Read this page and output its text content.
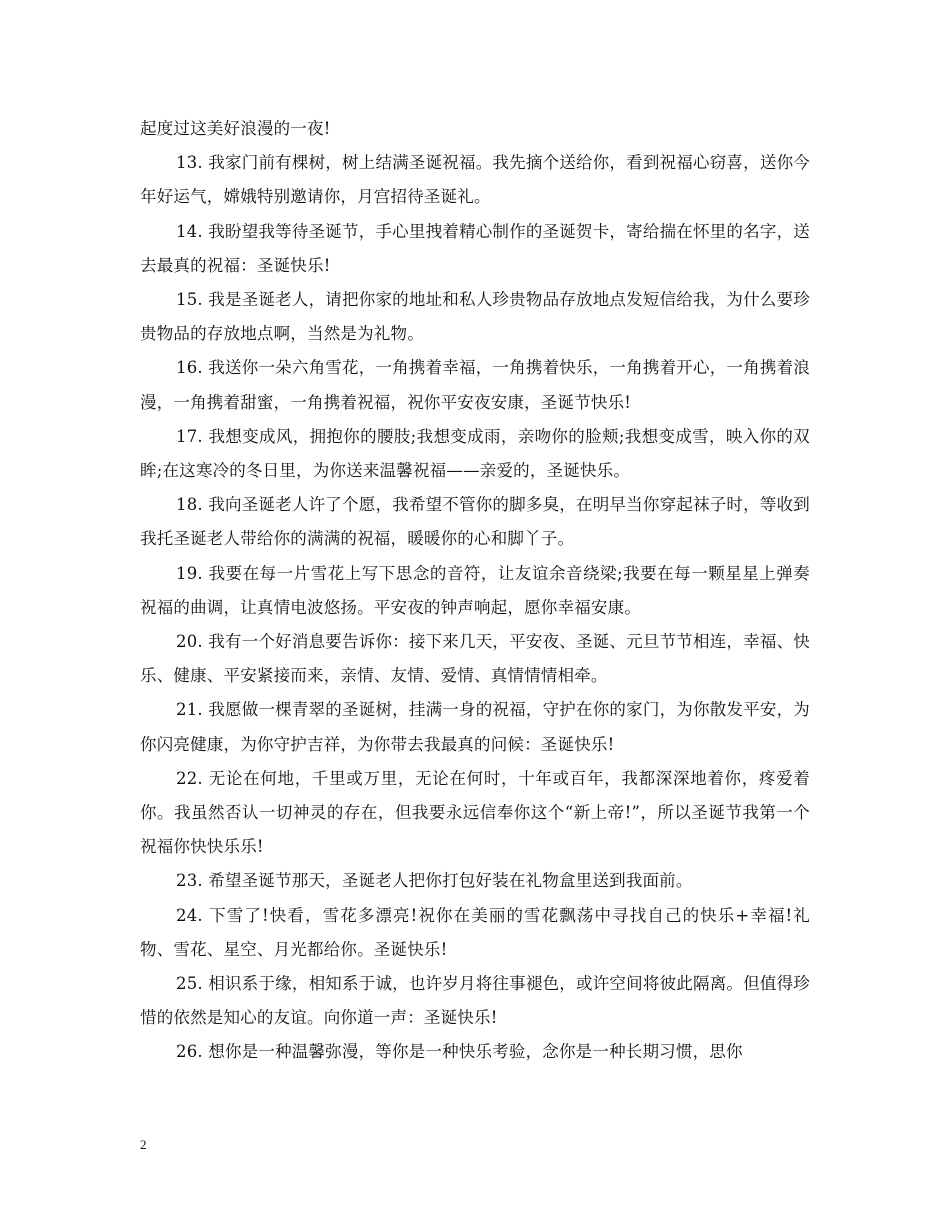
起度过这美好浪漫的一夜!

13. 我家门前有棵树，树上结满圣诞祝福。我先摘个送给你，看到祝福心窃喜，送你今年好运气，嫦娥特别邀请你，月宫招待圣诞礼。

14. 我盼望我等待圣诞节，手心里拽着精心制作的圣诞贺卡，寄给揣在怀里的名字，送去最真的祝福：圣诞快乐!

15. 我是圣诞老人，请把你家的地址和私人珍贵物品存放地点发短信给我，为什么要珍贵物品的存放地点啊，当然是为礼物。

16. 我送你一朵六角雪花，一角携着幸福，一角携着快乐，一角携着开心，一角携着浪漫，一角携着甜蜜，一角携着祝福，祝你平安夜安康，圣诞节快乐!

17. 我想变成风，拥抱你的腰肢;我想变成雨，亲吻你的脸颊;我想变成雪，映入你的双眸;在这寒冷的冬日里，为你送来温馨祝福——亲爱的，圣诞快乐。

18. 我向圣诞老人许了个愿，我希望不管你的脚多臭，在明早当你穿起袜子时，等收到我托圣诞老人带给你的满满的祝福，暖暖你的心和脚丫子。

19. 我要在每一片雪花上写下思念的音符，让友谊余音绕梁;我要在每一颗星星上弹奏祝福的曲调，让真情电波悠扬。平安夜的钟声响起，愿你幸福安康。

20. 我有一个好消息要告诉你：接下来几天，平安夜、圣诞、元旦节节相连，幸福、快乐、健康、平安紧接而来，亲情、友情、爱情、真情情情相牵。

21. 我愿做一棵青翠的圣诞树，挂满一身的祝福，守护在你的家门，为你散发平安，为你闪亮健康，为你守护吉祥，为你带去我最真的问候：圣诞快乐!

22. 无论在何地，千里或万里，无论在何时，十年或百年，我都深深地着你，疼爱着你。我虽然否认一切神灵的存在，但我要永远信奉你这个“新上帝!”，所以圣诞节我第一个祝福你快快乐乐!

23. 希望圣诞节那天，圣诞老人把你打包好装在礼物盒里送到我面前。

24. 下雪了!快看，雪花多漂亮!祝你在美丽的雪花飘荡中寻找自己的快乐+幸福!礼物、雪花、星空、月光都给你。圣诞快乐!

25. 相识系于缘，相知系于诚，也许岁月将往事褪色，或许空间将彼此隔离。但值得珍惜的依然是知心的友谊。向你道一声：圣诞快乐!

26. 想你是一种温馨弥漫，等你是一种快乐考验，念你是一种长期习惯，思你

2
